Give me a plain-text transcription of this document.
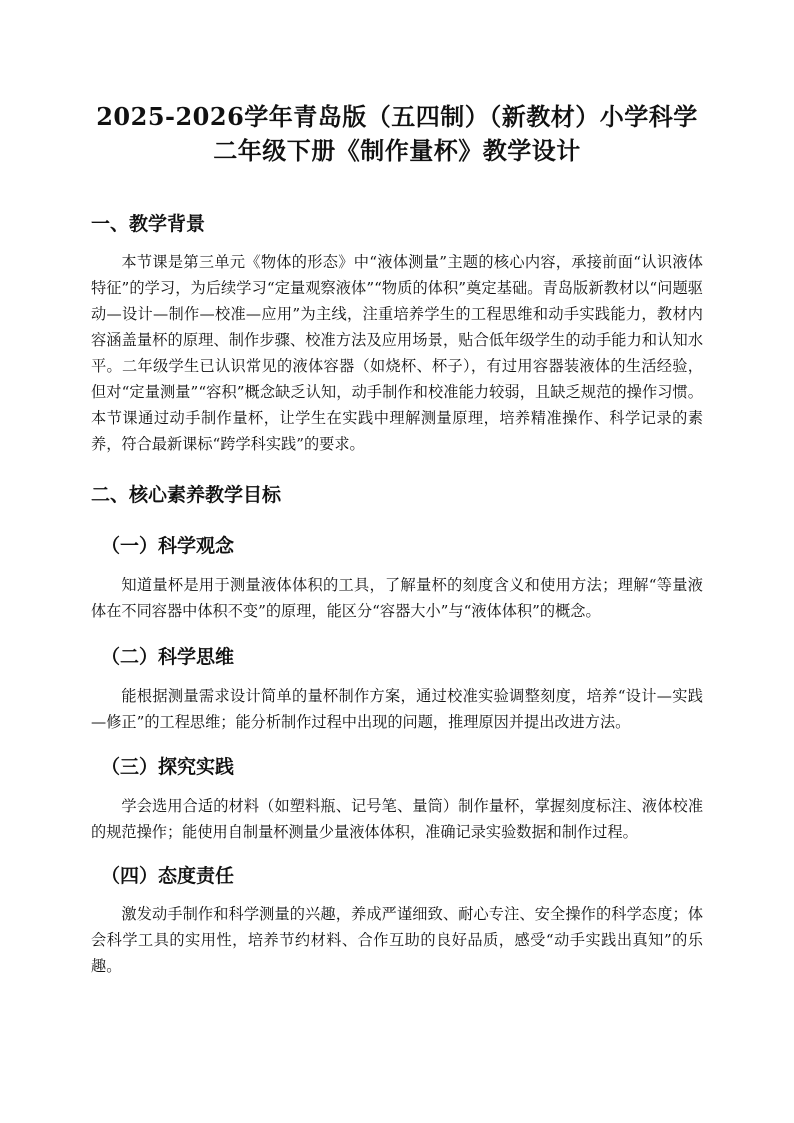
2025-2026学年青岛版（五四制）（新教材）小学科学二年级下册《制作量杯》教学设计
一、教学背景

本节课是第三单元《物体的形态》中“液体测量”主题的核心内容，承接前面“认识液体特征”的学习，为后续学习“定量观察液体”“物质的体积”奠定基础。青岛版新教材以“问题驱动—设计—制作—校准—应用”为主线，注重培养学生的工程思维和动手实践能力，教材内容涵盖量杯的原理、制作步骤、校准方法及应用场景，贴合低年级学生的动手能力和认知水平。二年级学生已认识常见的液体容器（如烧杯、杯子），有过用容器装液体的生活经验，但对“定量测量”“容积”概念缺乏认知，动手制作和校准能力较弱，且缺乏规范的操作习惯。本节课通过动手制作量杯，让学生在实践中理解测量原理，培养精准操作、科学记录的素养，符合最新课标“跨学科实践”的要求。

二、核心素养教学目标
（一）科学观念

知道量杯是用于测量液体体积的工具，了解量杯的刻度含义和使用方法；理解“等量液体在不同容器中体积不变”的原理，能区分“容器大小”与“液体体积”的概念。

（二）科学思维

能根据测量需求设计简单的量杯制作方案，通过校准实验调整刻度，培养“设计—实践—修正”的工程思维；能分析制作过程中出现的问题，推理原因并提出改进方法。

（三）探究实践

学会选用合适的材料（如塑料瓶、记号笔、量筒）制作量杯，掌握刻度标注、液体校准的规范操作；能使用自制量杯测量少量液体体积，准确记录实验数据和制作过程。

（四）态度责任

激发动手制作和科学测量的兴趣，养成严谨细致、耐心专注、安全操作的科学态度；体会科学工具的实用性，培养节约材料、合作互助的良好品质，感受“动手实践出真知”的乐趣。
